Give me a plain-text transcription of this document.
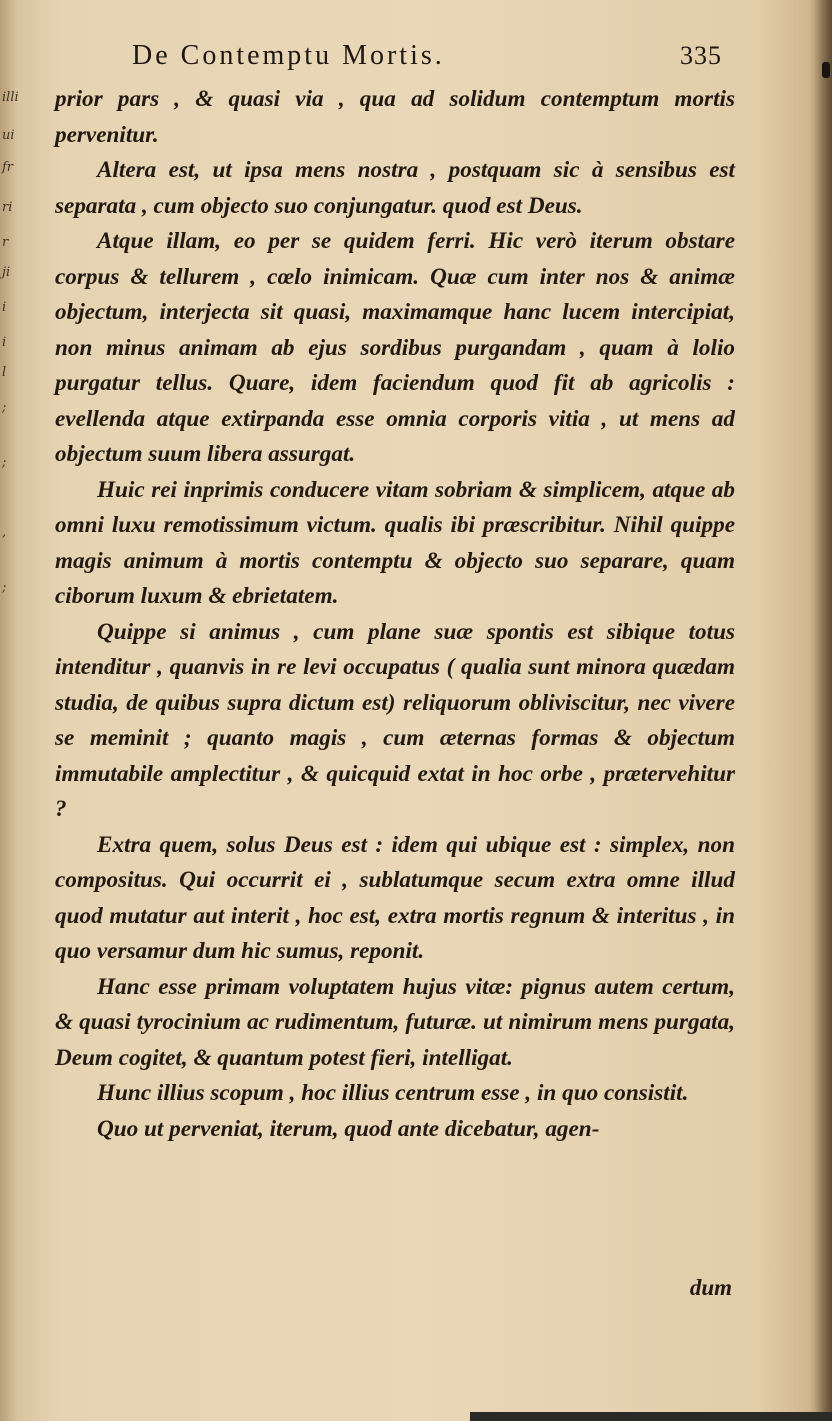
illi
ui
fr
ri
r
ji
i
i
l
;
;
,
;
De Contemptu Mortis.	335

prior pars , & quasi via , qua ad solidum contemptum mortis pervenitur.

Altera est, ut ipsa mens nostra , postquam sic à sensibus est separata , cum objecto suo conjungatur. quod est Deus.

Atque illam, eo per se quidem ferri. Hic verò iterum obstare corpus & tellurem , cœlo inimicam. Quæ cum inter nos & animæ objectum, interjecta sit quasi, maximamque hanc lucem intercipiat, non minus animam ab ejus sordibus purgandam , quam à lolio purgatur tellus. Quare, idem faciendum quod fit ab agricolis : evellenda atque extirpanda esse omnia corporis vitia , ut mens ad objectum suum libera assurgat.

Huic rei inprimis conducere vitam sobriam & simplicem, atque ab omni luxu remotissimum victum. qualis ibi præscribitur. Nihil quippe magis animum à mortis contemptu & objecto suo separare, quam ciborum luxum & ebrietatem.

Quippe si animus , cum plane suæ spontis est sibique totus intenditur , quanvis in re levi occupatus ( qualia sunt minora quædam studia, de quibus supra dictum est) reliquorum obliviscitur, nec vivere se meminit ; quanto magis , cum æternas formas & objectum immutabile amplectitur , & quicquid extat in hoc orbe , prætervehitur ?

Extra quem, solus Deus est : idem qui ubique est : simplex, non compositus. Qui occurrit ei , sublatumque secum extra omne illud quod mutatur aut interit , hoc est, extra mortis regnum & interitus , in quo versamur dum hic sumus, reponit.

Hanc esse primam voluptatem hujus vitæ: pignus autem certum, & quasi tyrocinium ac rudimentum, futuræ. ut nimirum mens purgata, Deum cogitet, & quantum potest fieri, intelligat.

Hunc illius scopum , hoc illius centrum esse , in quo consistit.

Quo ut perveniat, iterum, quod ante dicebatur, agen-

dum
